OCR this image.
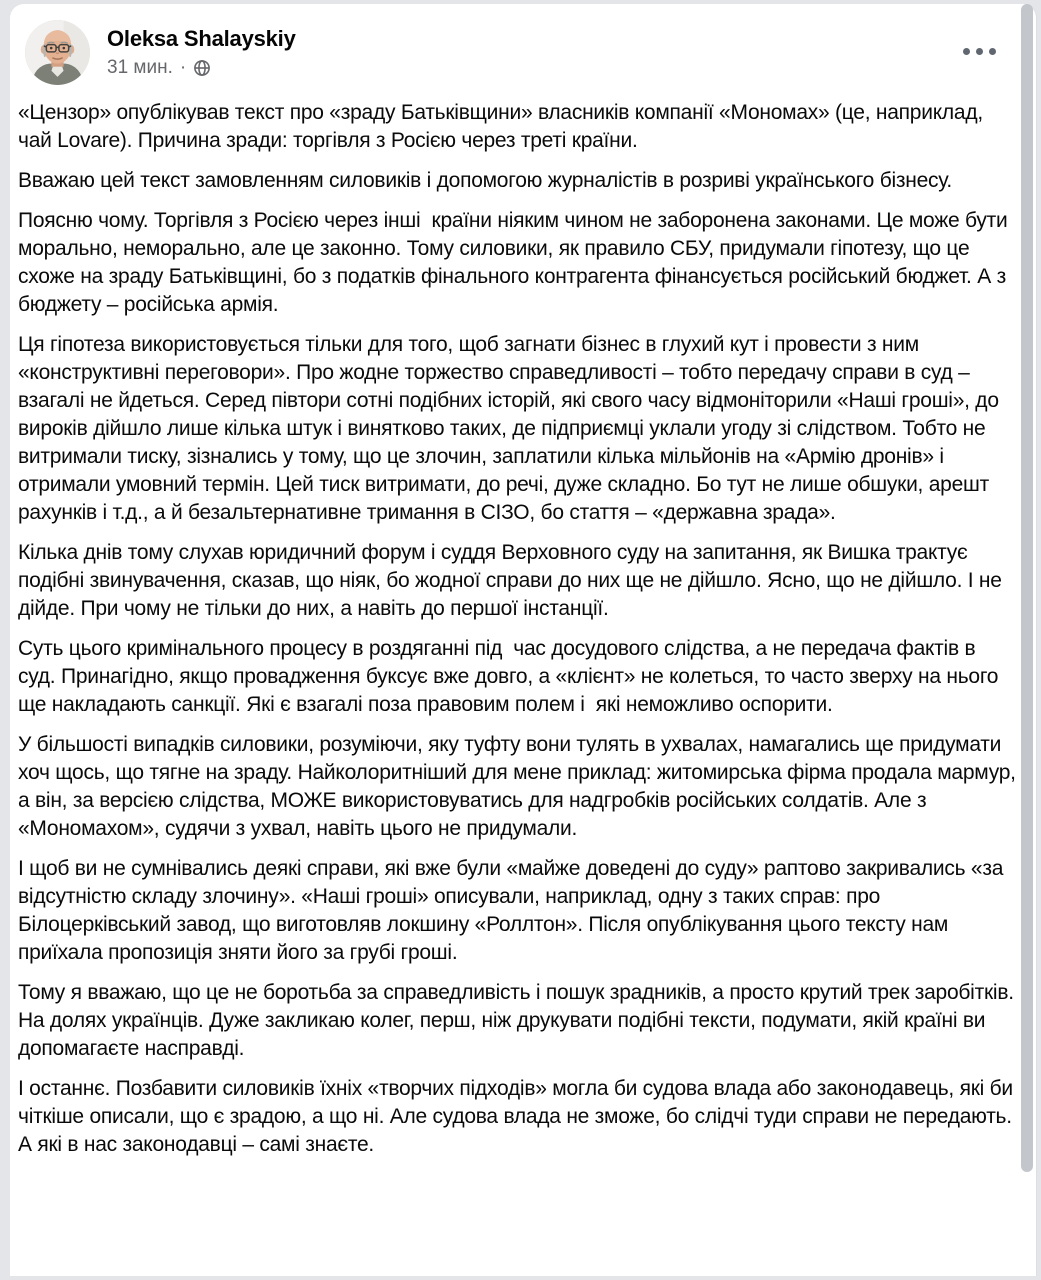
Oleksa Shalayskiy
31 мин. ·

«Цензор» опублікував текст про «зраду Батьківщини» власників компанії «Мономах» (це, наприклад, чай Lovare). Причина зради: торгівля з Росією через треті країни.

Вважаю цей текст замовленням силовиків і допомогою журналістів в розриві українського бізнесу.

Поясню чому. Торгівля з Росією через інші  країни ніяким чином не заборонена законами. Це може бути морально, неморально, але це законно. Тому силовики, як правило СБУ, придумали гіпотезу, що це схоже на зраду Батьківщині, бо з податків фінального контрагента фінансується російський бюджет. А з бюджету – російська армія.

Ця гіпотеза використовується тільки для того, щоб загнати бізнес в глухий кут і провести з ним «конструктивні переговори». Про жодне торжество справедливості – тобто передачу справи в суд – взагалі не йдеться. Серед півтори сотні подібних історій, які свого часу відмоніторили «Наші гроші», до вироків дійшло лише кілька штук і винятково таких, де підприємці уклали угоду зі слідством. Тобто не витримали тиску, зізнались у тому, що це злочин, заплатили кілька мільйонів на «Армію дронів» і отримали умовний термін. Цей тиск витримати, до речі, дуже складно. Бо тут не лише обшуки, арешт рахунків і т.д., а й безальтернативне тримання в СІЗО, бо стаття – «державна зрада».

Кілька днів тому слухав юридичний форум і суддя Верховного суду на запитання, як Вишка трактує подібні звинувачення, сказав, що ніяк, бо жодної справи до них ще не дійшло. Ясно, що не дійшло. І не дійде. При чому не тільки до них, а навіть до першої інстанції.

Суть цього кримінального процесу в роздяганні під  час досудового слідства, а не передача фактів в суд. Принагідно, якщо провадження буксує вже довго, а «клієнт» не колеться, то часто зверху на нього ще накладають санкції. Які є взагалі поза правовим полем і  які неможливо оспорити.

У більшості випадків силовики, розуміючи, яку туфту вони тулять в ухвалах, намагались ще придумати хоч щось, що тягне на зраду. Найколоритніший для мене приклад: житомирська фірма продала мармур, а він, за версією слідства, МОЖЕ використовуватись для надгробків російських солдатів. Але з «Мономахом», судячи з ухвал, навіть цього не придумали.

І щоб ви не сумнівались деякі справи, які вже були «майже доведені до суду» раптово закривались «за відсутністю складу злочину». «Наші гроші» описували, наприклад, одну з таких справ: про Білоцерківський завод, що виготовляв локшину «Роллтон». Після опублікування цього тексту нам приїхала пропозиція зняти його за грубі гроші.

Тому я вважаю, що це не боротьба за справедливість і пошук зрадників, а просто крутий трек заробітків. На долях українців. Дуже закликаю колег, перш, ніж друкувати подібні тексти, подумати, якій країні ви допомагаєте насправді.

І останнє. Позбавити силовиків їхніх «творчих підходів» могла би судова влада або законодавець, які би чіткіше описали, що є зрадою, а що ні. Але судова влада не зможе, бо слідчі туди справи не передають. А які в нас законодавці – самі знаєте.
